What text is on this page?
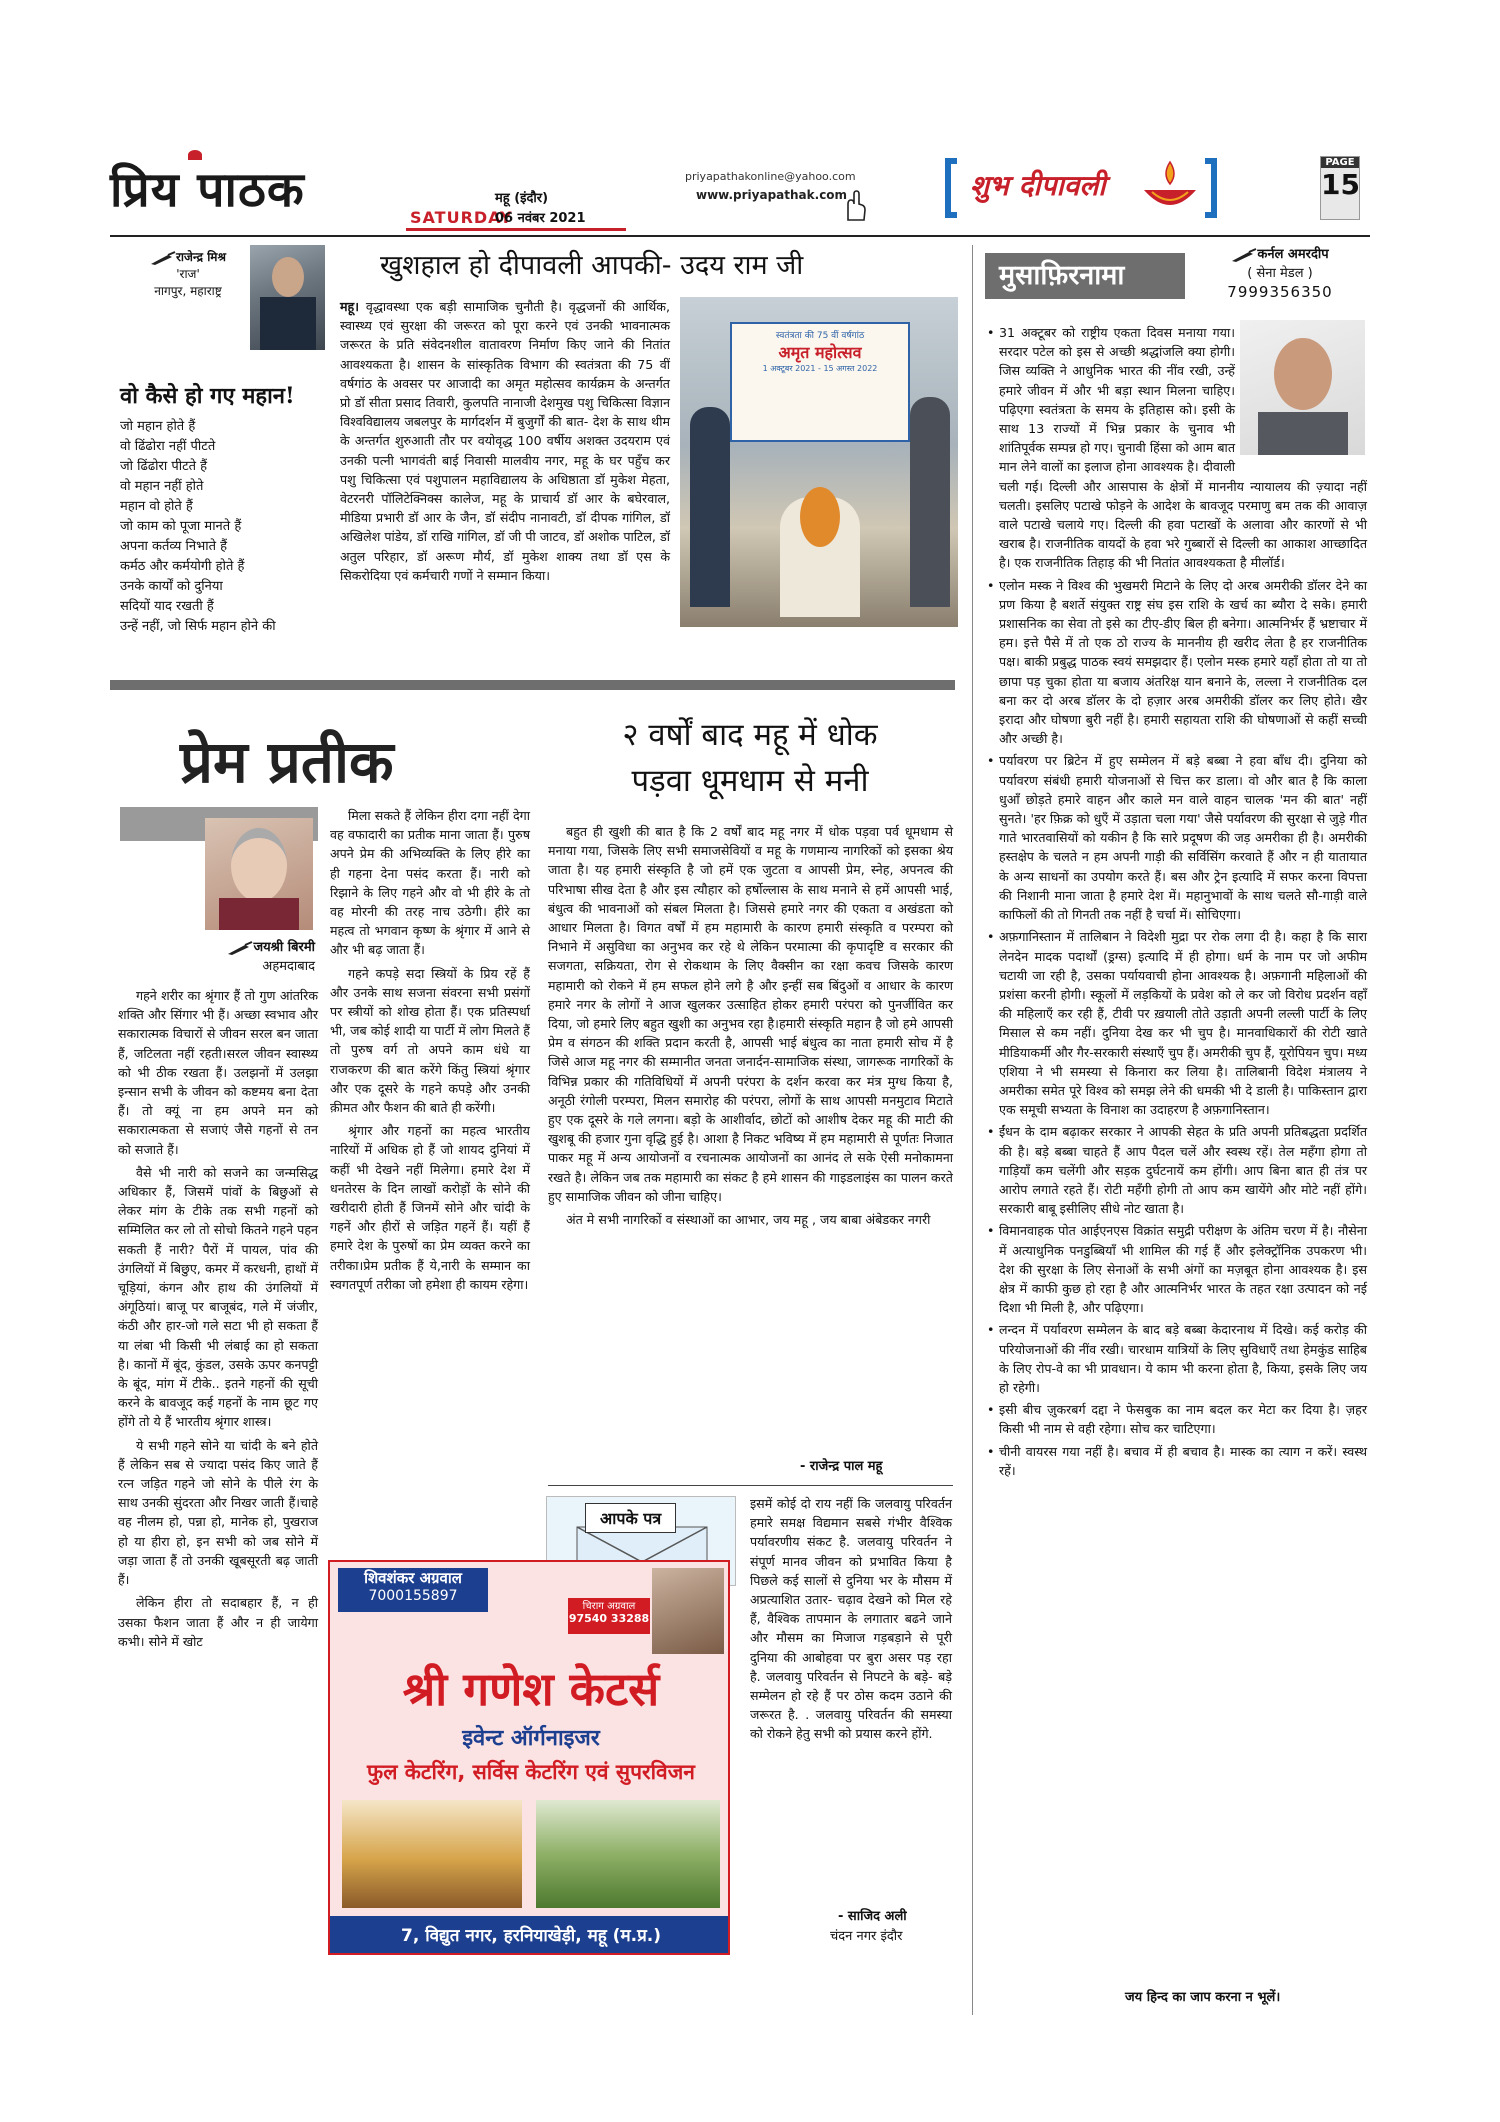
प्रिय पाठक	महू (इंदौर)
SATURDAY
06 नवंबर 2021
priyapathakonline@yahoo.com
www.priyapathak.com	शुभ दीपावली
PAGE
15
राजेन्द्र मिश्र
'राज'
नागपुर, महाराष्ट्र
वो कैसे हो गए महान!

जो महान होते हैं

वो ढिंढोरा नहीं पीटते

जो ढिंढोरा पीटते हैं

वो महान नहीं होते

महान वो होते हैं

जो काम को पूजा मानते हैं

अपना कर्तव्य निभाते हैं

कर्मठ और कर्मयोगी होते हैं

उनके कार्यों को दुनिया

सदियों याद रखती हैं

उन्हें नहीं, जो सिर्फ महान होने की

खुशहाल हो दीपावली आपकी- उदय राम जी
स्वतंत्रता की 75 वीं वर्षगांठ
अमृत महोत्सव
1 अक्टूबर 2021 - 15 अगस्त 2022
महू। वृद्धावस्था एक बड़ी सामाजिक चुनौती है। वृद्धजनों की आर्थिक, स्वास्थ्य एवं सुरक्षा की जरूरत को पूरा करने एवं उनकी भावनात्मक जरूरत के प्रति संवेदनशील वातावरण निर्माण किए जाने की नितांत आवश्यकता है। शासन के सांस्कृतिक विभाग की स्वतंत्रता की 75 वीं वर्षगांठ के अवसर पर आजादी का अमृत महोत्सव कार्यक्रम के अन्तर्गत प्रो डॉ सीता प्रसाद तिवारी, कुलपति नानाजी देशमुख पशु चिकित्सा विज्ञान विश्वविद्यालय जबलपुर के मार्गदर्शन में बुजुर्गों की बात- देश के साथ थीम के अन्तर्गत शुरुआती तौर पर वयोवृद्ध 100 वर्षीय अशक्त उदयराम एवं उनकी पत्नी भागवंती बाई निवासी मालवीय नगर, महू के घर पहुँच कर पशु चिकित्सा एवं पशुपालन महाविद्यालय के अधिष्ठाता डॉ मुकेश मेहता, वेटरनरी पॉलिटेक्निक्स कालेज, महू के प्राचार्य डॉ आर के बघेरवाल, मीडिया प्रभारी डॉ आर के जैन, डॉ संदीप नानावटी, डॉ दीपक गांगिल, डॉ अखिलेश पांडेय, डॉ राखि गांगिल, डॉ जी पी जाटव, डॉ अशोक पाटिल, डॉ अतुल परिहार, डॉ अरूण मौर्य, डॉ मुकेश शाक्य तथा डॉ एस के सिकरोदिया एवं कर्मचारी गणों ने सम्मान किया।
प्रेम प्रतीक
जयश्री बिरमी
अहमदाबाद

गहने शरीर का श्रृंगार हैं तो गुण आंतरिक शक्ति और सिंगार भी हैं। अच्छा स्वभाव और सकारात्मक विचारों से जीवन सरल बन जाता हैं, जटिलता नहीं रहती।सरल जीवन स्वास्थ्य को भी ठीक रखता हैं। उलझनों में उलझा इन्सान सभी के जीवन को कष्टमय बना देता हैं। तो क्यूं ना हम अपने मन को सकारात्मकता से सजाएं जैसे गहनों से तन को सजाते हैं।

वैसे भी नारी को सजने का जन्मसिद्ध अधिकार हैं, जिसमें पांवों के बिछुओं से लेकर मांग के टीके तक सभी गहनों को सम्मिलित कर लो तो सोचो कितने गहने पहन सकती हैं नारी? पैरों में पायल, पांव की उंगलियों में बिछुए, कमर में करधनी, हाथों में चूड़ियां, कंगन और हाथ की उंगलियों में अंगूठियां। बाजू पर बाजूबंद, गले में जंजीर, कंठी और हार-जो गले सटा भी हो सकता हैं या लंबा भी किसी भी लंबाई का हो सकता है। कानों में बूंद, कुंडल, उसके ऊपर कनपट्टी के बूंद, मांग में टीके.. इतने गहनों की सूची करने के बावजूद कई गहनों के नाम छूट गए होंगे तो ये हैं भारतीय श्रृंगार शास्त्र।

ये सभी गहने सोने या चांदी के बने होते हैं लेकिन सब से ज्यादा पसंद किए जाते हैं रत्न जड़ित गहने जो सोने के पीले रंग के साथ उनकी सुंदरता और निखर जाती हैं।चाहे वह नीलम हो, पन्ना हो, मानेक हो, पुखराज हो या हीरा हो, इन सभी को जब सोने में जड़ा जाता हैं तो उनकी खूबसूरती बढ़ जाती हैं।

लेकिन हीरा तो सदाबहार हैं, न ही उसका फैशन जाता हैं और न ही जायेगा कभी। सोने में खोट

मिला सकते हैं लेकिन हीरा दगा नहीं देगा वह वफादारी का प्रतीक माना जाता हैं। पुरुष अपने प्रेम की अभिव्यक्ति के लिए हीरे का ही गहना देना पसंद करता हैं। नारी को रिझाने के लिए गहने और वो भी हीरे के तो वह मोरनी की तरह नाच उठेगी। हीरे का महत्व तो भगवान कृष्ण के श्रृंगार में आने से और भी बढ़ जाता हैं।

गहने कपड़े सदा स्त्रियों के प्रिय रहें हैं और उनके साथ सजना संवरना सभी प्रसंगों पर स्त्रीयों को शोख होता हैं। एक प्रतिस्पर्धा भी, जब कोई शादी या पार्टी में लोग मिलते हैं तो पुरुष वर्ग तो अपने काम धंधे या राजकरण की बात करेंगे किंतु स्त्रियां श्रृंगार और एक दूसरे के गहने कपड़े और उनकी क़ीमत और फैशन की बाते ही करेंगी।

श्रृंगार और गहनों का महत्व भारतीय नारियों में अधिक हो हैं जो शायद दुनियां में कहीं भी देखने नहीं मिलेगा। हमारे देश में धनतेरस के दिन लाखों करोड़ों के सोने की खरीदारी होती हैं जिनमें सोने और चांदी के गहनें और हीरों से जड़ित गहनें हैं। यहीं हैं हमारे देश के पुरुषों का प्रेम व्यक्त करने का तरीका।प्रेम प्रतीक हैं ये,नारी के सम्मान का स्वगतपूर्ण तरीका जो हमेशा ही कायम रहेगा।

२ वर्षों बाद महू में धोक
पड़वा धूमधाम से मनी

बहुत ही खुशी की बात है कि 2 वर्षों बाद महू नगर में धोक पड़वा पर्व धूमधाम से मनाया गया, जिसके लिए सभी समाजसेवियों व महू के गणमान्य नागरिकों को इसका श्रेय जाता है। यह हमारी संस्कृति है जो हमें एक जुटता व आपसी प्रेम, स्नेह, अपनत्व की परिभाषा सीख देता है और इस त्यौहार को हर्षोल्लास के साथ मनाने से हमें आपसी भाई, बंधुत्व की भावनाओं को संबल मिलता है। जिससे हमारे नगर की एकता व अखंडता को आधार मिलता है। विगत वर्षों में हम महामारी के कारण हमारी संस्कृति व परम्परा को निभाने में असुविधा का अनुभव कर रहे थे लेकिन परमात्मा की कृपादृष्टि व सरकार की सजगता, सक्रियता, रोग से रोकथाम के लिए वैक्सीन का रक्षा कवच जिसके कारण महामारी को रोकने में हम सफल होने लगे है और इन्हीं सब बिंदुओं व आधार के कारण हमारे नगर के लोगों ने आज खुलकर उत्साहित होकर हमारी परंपरा को पुनर्जीवित कर दिया, जो हमारे लिए बहुत खुशी का अनुभव रहा है।हमारी संस्कृति महान है जो हमे आपसी प्रेम व संगठन की शक्ति प्रदान करती है, आपसी भाई बंधुत्व का नाता हमारी सोच में है जिसे आज महू नगर की सम्मानीत जनता जनार्दन-सामाजिक संस्था, जागरूक नागरिकों के विभिन्न प्रकार की गतिविधियों में अपनी परंपरा के दर्शन करवा कर मंत्र मुग्ध किया है, अनूठी रंगोली परम्परा, मिलन समारोह की परंपरा, लोगों के साथ आपसी मनमुटाव मिटाते हुए एक दूसरे के गले लगना। बड़ो के आशीर्वाद, छोटों को आशीष देकर महू की माटी की खुशबू की हजार गुना वृद्धि हुई है। आशा है निकट भविष्य में हम महामारी से पूर्णतः निजात पाकर महू में अन्य आयोजनों व रचनात्मक आयोजनों का आनंद ले सके ऐसी मनोकामना रखते है। लेकिन जब तक महामारी का संकट है हमे शासन की गाइडलाइंस का पालन करते हुए सामाजिक जीवन को जीना चाहिए।

अंत मे सभी नागरिकों व संस्थाओं का आभार, जय महू , जय बाबा अंबेडकर नगरी

- राजेन्द्र पाल महू
आपके पत्र
इसमें कोई दो राय नहीं कि जलवायु परिवर्तन हमारे समक्ष विद्यमान सबसे गंभीर वैश्विक पर्यावरणीय संकट है. जलवायु परिवर्तन ने संपूर्ण मानव जीवन को प्रभावित किया है पिछले कई सालों से दुनिया भर के मौसम में अप्रत्याशित उतार- चढ़ाव देखने को मिल रहे हैं, वैश्विक तापमान के लगातार बढने जाने और मौसम का मिजाज गड़बड़ाने से पूरी दुनिया की आबोहवा पर बुरा असर पड़ रहा है. जलवायु परिवर्तन से निपटने के बड़े- बड़े सम्मेलन हो रहे हैं पर ठोस कदम उठाने की जरूरत है. . जलवायु परिवर्तन की समस्या को रोकने हेतु सभी को प्रयास करने होंगे.
- साजिद अली
चंदन नगर इंदौर
शिवशंकर अग्रवाल
7000155897
चिराग अग्रवाल
97540 33288
श्री गणेश केटर्स
इवेन्ट ऑर्गनाइजर
फुल केटरिंग, सर्विस केटरिंग एवं सुपरविजन
7, विद्युत नगर, हरनियाखेड़ी, महू (म.प्र.)
मुसाफ़िरनामा
कर्नल अमरदीप
( सेना मेडल )
7999356350

• 31 अक्टूबर को राष्ट्रीय एकता दिवस मनाया गया। सरदार पटेल को इस से अच्छी श्रद्धांजलि क्या होगी। जिस व्यक्ति ने आधुनिक भारत की नींव रखी, उन्हें हमारे जीवन में और भी बड़ा स्थान मिलना चाहिए। पढ़िएगा स्वतंत्रता के समय के इतिहास को। इसी के साथ 13 राज्यों में भिन्न प्रकार के चुनाव भी शांतिपूर्वक सम्पन्न हो गए। चुनावी हिंसा को आम बात मान लेने वालों का इलाज होना आवश्यक है। दीवाली चली गई। दिल्ली और आसपास के क्षेत्रों में माननीय न्यायालय की ज़्यादा नहीं चलती। इसलिए पटाखे फोड़ने के आदेश के बावजूद परमाणु बम तक की आवाज़ वाले पटाखे चलाये गए। दिल्ली की हवा पटाखों के अलावा और कारणों से भी खराब है। राजनीतिक वायदों के हवा भरे गुब्बारों से दिल्ली का आकाश आच्छादित है। एक राजनीतिक तिहाड़ की भी नितांत आवश्यकता है मीलॉर्ड।

• एलोन मस्क ने विश्व की भुखमरी मिटाने के लिए दो अरब अमरीकी डॉलर देने का प्रण किया है बशर्ते संयुक्त राष्ट्र संघ इस राशि के खर्च का ब्यौरा दे सके। हमारी प्रशासनिक का सेवा तो इसे का टीए-डीए बिल ही बनेगा। आत्मनिर्भर हैं भ्रष्टाचार में हम। इत्ते पैसे में तो एक ठो राज्य के माननीय ही खरीद लेता है हर राजनीतिक पक्ष। बाकी प्रबुद्ध पाठक स्वयं समझदार हैं। एलोन मस्क हमारे यहाँ होता तो या तो छापा पड़ चुका होता या बजाय अंतरिक्ष यान बनाने के, लल्ला ने राजनीतिक दल बना कर दो अरब डॉलर के दो हज़ार अरब अमरीकी डॉलर कर लिए होते। खैर इरादा और घोषणा बुरी नहीं है। हमारी सहायता राशि की घोषणाओं से कहीं सच्ची और अच्छी है।

• पर्यावरण पर ब्रिटेन में हुए सम्मेलन में बड़े बब्बा ने हवा बाँध दी। दुनिया को पर्यावरण संबंधी हमारी योजनाओं से चित्त कर डाला। वो और बात है कि काला धुआँ छोड़ते हमारे वाहन और काले मन वाले वाहन चालक 'मन की बात' नहीं सुनते। 'हर फ़िक्र को धुएँ में उड़ाता चला गया' जैसे पर्यावरण की सुरक्षा से जुड़े गीत गाते भारतवासियों को यकीन है कि सारे प्रदूषण की जड़ अमरीका ही है। अमरीकी हस्तक्षेप के चलते न हम अपनी गाड़ी की सर्विसिंग करवाते हैं और न ही यातायात के अन्य साधनों का उपयोग करते हैं। बस और ट्रेन इत्यादि में सफर करना विपत्ता की निशानी माना जाता है हमारे देश में। महानुभावों के साथ चलते सौ-गाड़ी वाले काफिलों की तो गिनती तक नहीं है चर्चा में। सोचिएगा।

• अफ़गानिस्तान में तालिबान ने विदेशी मुद्रा पर रोक लगा दी है। कहा है कि सारा लेनदेन मादक पदार्थों (ड्रग्स) इत्यादि में ही होगा। धर्म के नाम पर जो अफीम चटायी जा रही है, उसका पर्यायवाची होना आवश्यक है। अफ़गानी महिलाओं की प्रशंसा करनी होगी। स्कूलों में लड़कियों के प्रवेश को ले कर जो विरोध प्रदर्शन वहाँ की महिलाएँ कर रही हैं, टीवी पर ख़याली तोते उड़ाती अपनी लल्ली पार्टी के लिए मिसाल से कम नहीं। दुनिया देख कर भी चुप है। मानवाधिकारों की रोटी खाते मीडियाकर्मी और गैर-सरकारी संस्थाएँ चुप हैं। अमरीकी चुप हैं, यूरोपियन चुप। मध्य एशिया ने भी समस्या से किनारा कर लिया है। तालिबानी विदेश मंत्रालय ने अमरीका समेत पूरे विश्व को समझ लेने की धमकी भी दे डाली है। पाकिस्तान द्वारा एक समूची सभ्यता के विनाश का उदाहरण है अफ़गानिस्तान।

• ईंधन के दाम बढ़ाकर सरकार ने आपकी सेहत के प्रति अपनी प्रतिबद्धता प्रदर्शित की है। बड़े बब्बा चाहते हैं आप पैदल चलें और स्वस्थ रहें। तेल महँगा होगा तो गाड़ियाँ कम चलेंगी और सड़क दुर्घटनायें कम होंगी। आप बिना बात ही तंत्र पर आरोप लगाते रहते हैं। रोटी महँगी होगी तो आप कम खायेंगे और मोटे नहीं होंगे। सरकारी बाबू इसीलिए सीधे नोट खाता है।

• विमानवाहक पोत आईएनएस विक्रांत समुद्री परीक्षण के अंतिम चरण में है। नौसेना में अत्याधुनिक पनडुब्बियाँ भी शामिल की गई हैं और इलेक्ट्रॉनिक उपकरण भी। देश की सुरक्षा के लिए सेनाओं के सभी अंगों का मज़बूत होना आवश्यक है। इस क्षेत्र में काफी कुछ हो रहा है और आत्मनिर्भर भारत के तहत रक्षा उत्पादन को नई दिशा भी मिली है, और पढ़िएगा।

• लन्दन में पर्यावरण सम्मेलन के बाद बड़े बब्बा केदारनाथ में दिखे। कई करोड़ की परियोजनाओं की नींव रखी। चारधाम यात्रियों के लिए सुविधाएँ तथा हेमकुंड साहिब के लिए रोप-वे का भी प्रावधान। ये काम भी करना होता है, किया, इसके लिए जय हो रहेगी।

• इसी बीच ज़ुकरबर्ग दद्दा ने फेसबुक का नाम बदल कर मेटा कर दिया है। ज़हर किसी भी नाम से वही रहेगा। सोच कर चाटिएगा।

• चीनी वायरस गया नहीं है। बचाव में ही बचाव है। मास्क का त्याग न करें। स्वस्थ रहें।

जय हिन्द का जाप करना न भूलें।
